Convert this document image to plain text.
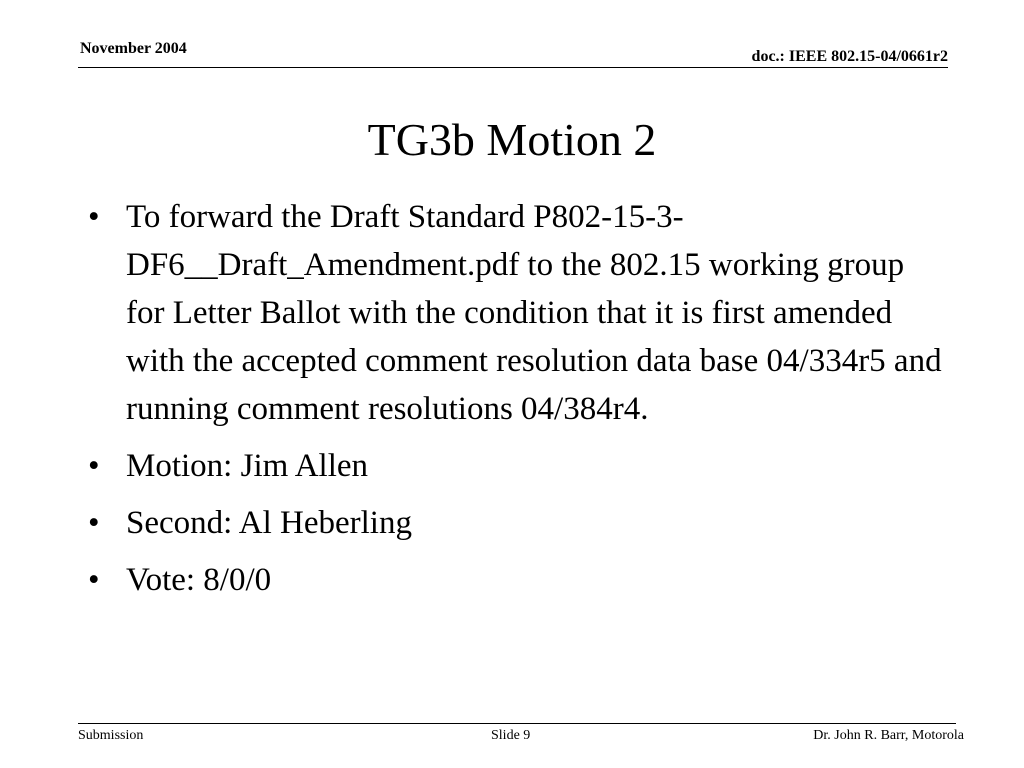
November 2004	doc.: IEEE 802.15-04/0661r2
TG3b Motion 2
• To forward the Draft Standard P802-15-3-DF6__Draft_Amendment.pdf to the 802.15 working group for Letter Ballot with the condition that it is first amended with the accepted comment resolution data base 04/334r5 and running comment resolutions 04/384r4.
• Motion: Jim Allen
• Second: Al Heberling
• Vote: 8/0/0
Submission	Slide 9	Dr. John R. Barr, Motorola
